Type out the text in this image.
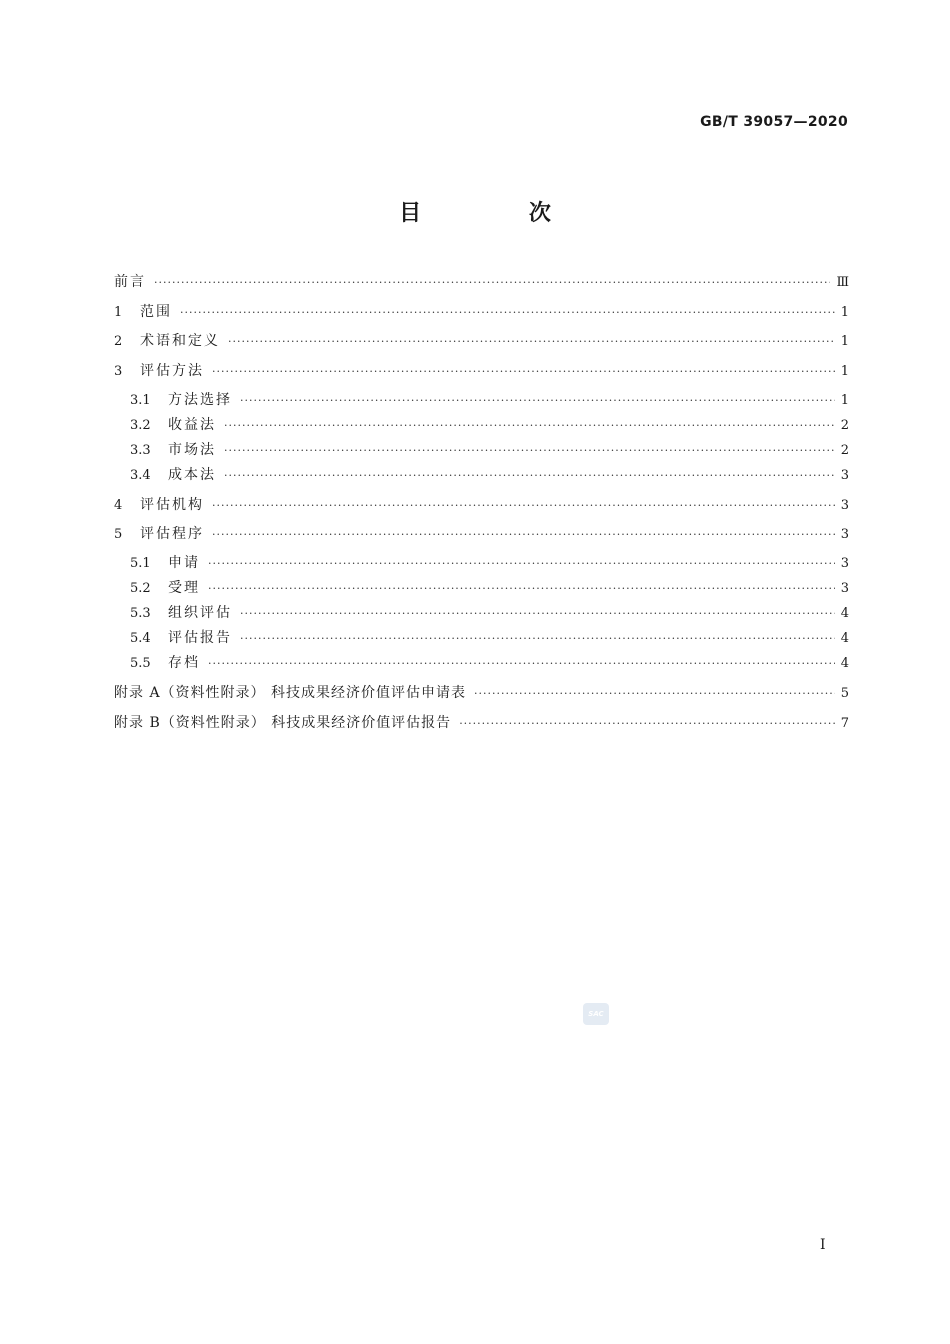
GB/T 39057—2020
目 次
前言 ·····	Ⅲ
1	范围 ·····	1
2	术语和定义 ·····	1
3	评估方法 ·····	1
3.1	方法选择 ·····	1
3.2	收益法 ·····	2
3.3	市场法 ·····	2
3.4	成本法 ·····	3
4	评估机构 ·····	3
5	评估程序 ·····	3
5.1	申请 ·····	3
5.2	受理 ·····	3
5.3	组织评估 ·····	4
5.4	评估报告 ·····	4
5.5	存档 ·····	4
附录 A（资料性附录） 科技成果经济价值评估申请表 ·····	5
附录 B（资料性附录） 科技成果经济价值评估报告 ·····	7
SAC
I
